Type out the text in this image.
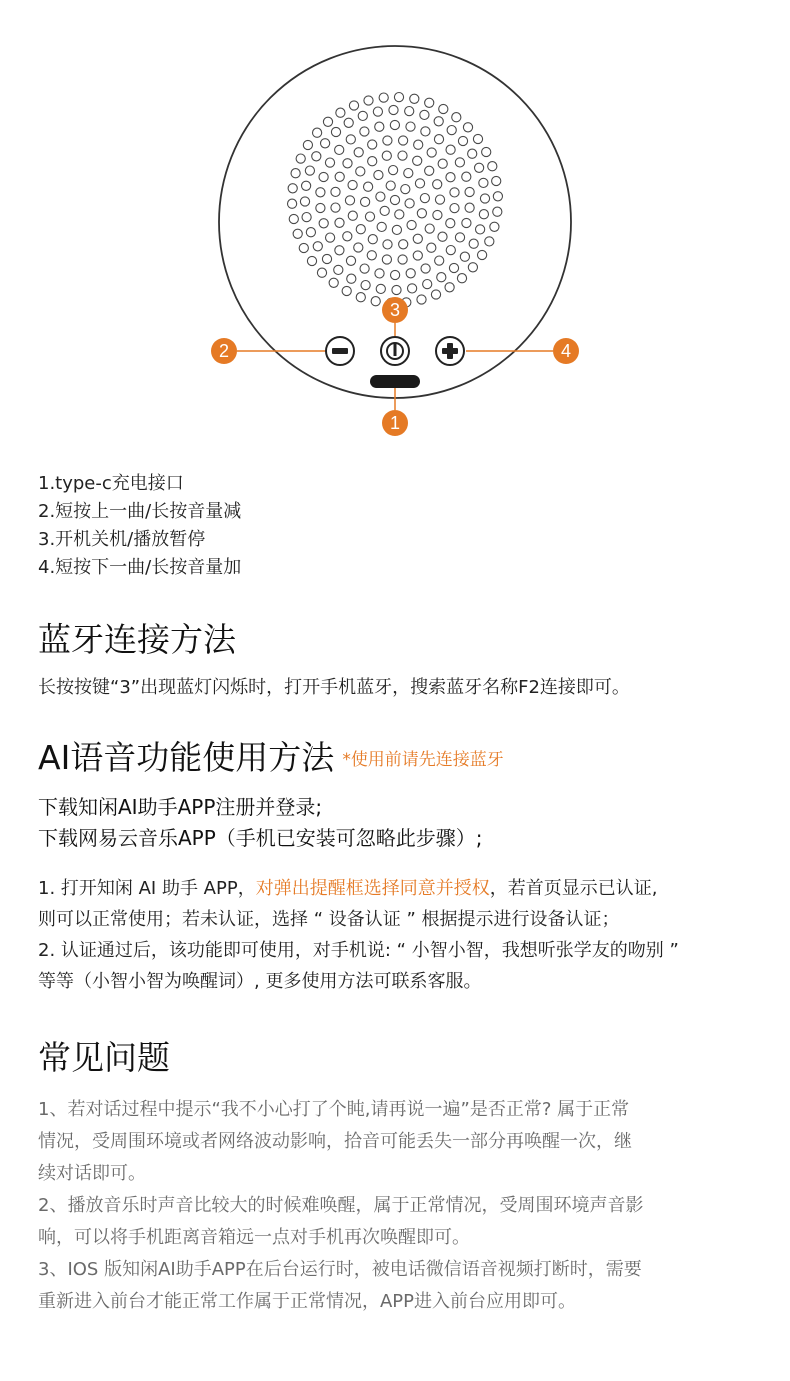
3
2	4
1
1.type-c充电接口
2.短按上一曲/长按音量减
3.开机关机/播放暂停
4.短按下一曲/长按音量加
蓝牙连接方法
长按按键“3”出现蓝灯闪烁时，打开手机蓝牙，搜索蓝牙名称F2连接即可。
AI语音功能使用方法 *使用前请先连接蓝牙
下载知闲AI助手APP注册并登录;
下载网易云音乐APP（手机已安装可忽略此步骤）;
1. 打开知闲 AI 助手 APP，对弹出提醒框选择同意并授权，若首页显示已认证,
则可以正常使用；若未认证，选择 “ 设备认证 ” 根据提示进行设备认证；
2. 认证通过后，该功能即可使用，对手机说: “ 小智小智，我想听张学友的吻别 ”
等等（小智小智为唤醒词）, 更多使用方法可联系客服。
常见问题
1、若对话过程中提示“我不小心打了个盹,请再说一遍”是否正常? 属于正常
情况，受周围环境或者网络波动影响，拾音可能丢失一部分再唤醒一次，继
续对话即可。
2、播放音乐时声音比较大的时候难唤醒，属于正常情况，受周围环境声音影
响，可以将手机距离音箱远一点对手机再次唤醒即可。
3、IOS 版知闲AI助手APP在后台运行时，被电话微信语音视频打断时，需要
重新进入前台才能正常工作属于正常情况，APP进入前台应用即可。
